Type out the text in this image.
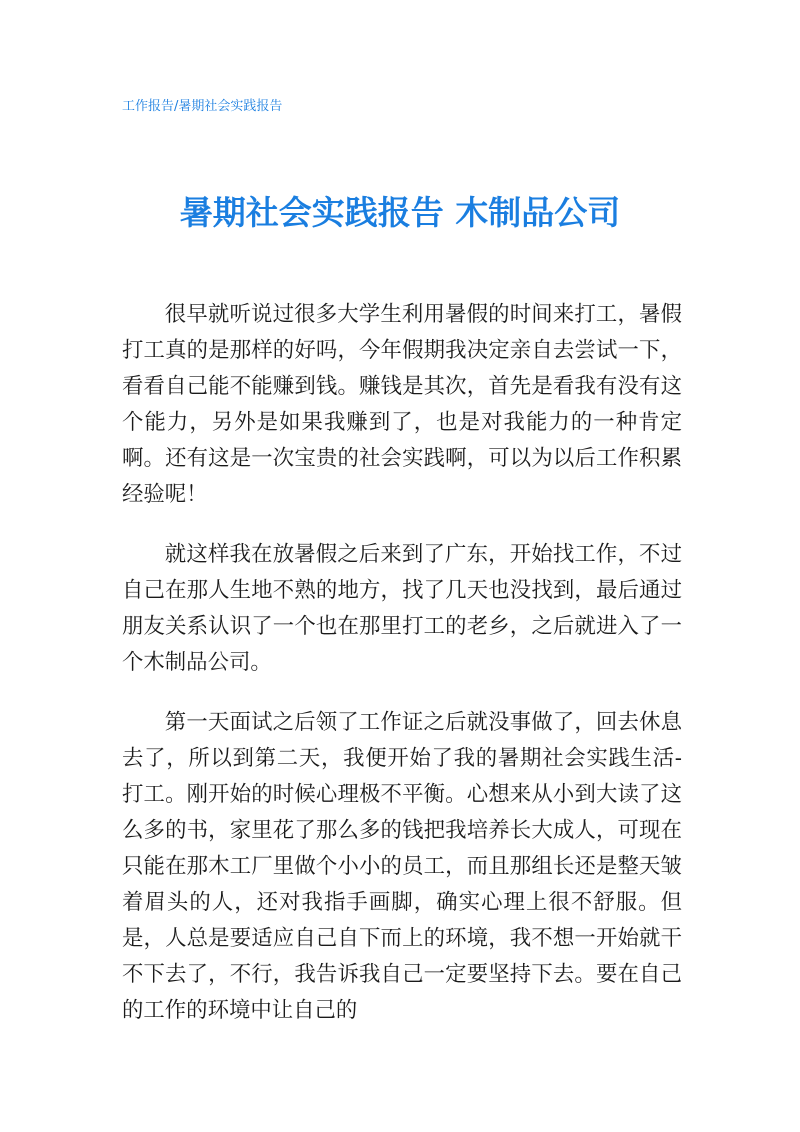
工作报告/暑期社会实践报告
暑期社会实践报告 木制品公司

很早就听说过很多大学生利用暑假的时间来打工，暑假打工真的是那样的好吗，今年假期我决定亲自去尝试一下，看看自己能不能赚到钱。赚钱是其次，首先是看我有没有这个能力，另外是如果我赚到了，也是对我能力的一种肯定啊。还有这是一次宝贵的社会实践啊，可以为以后工作积累经验呢！

就这样我在放暑假之后来到了广东，开始找工作，不过自己在那人生地不熟的地方，找了几天也没找到，最后通过朋友关系认识了一个也在那里打工的老乡，之后就进入了一个木制品公司。

第一天面试之后领了工作证之后就没事做了，回去休息去了，所以到第二天，我便开始了我的暑期社会实践生活-打工。刚开始的时候心理极不平衡。心想来从小到大读了这么多的书，家里花了那么多的钱把我培养长大成人，可现在只能在那木工厂里做个小小的员工，而且那组长还是整天皱着眉头的人，还对我指手画脚，确实心理上很不舒服。但是，人总是要适应自己自下而上的环境，我不想一开始就干不下去了，不行，我告诉我自己一定要坚持下去。要在自己的工作的环境中让自己的
